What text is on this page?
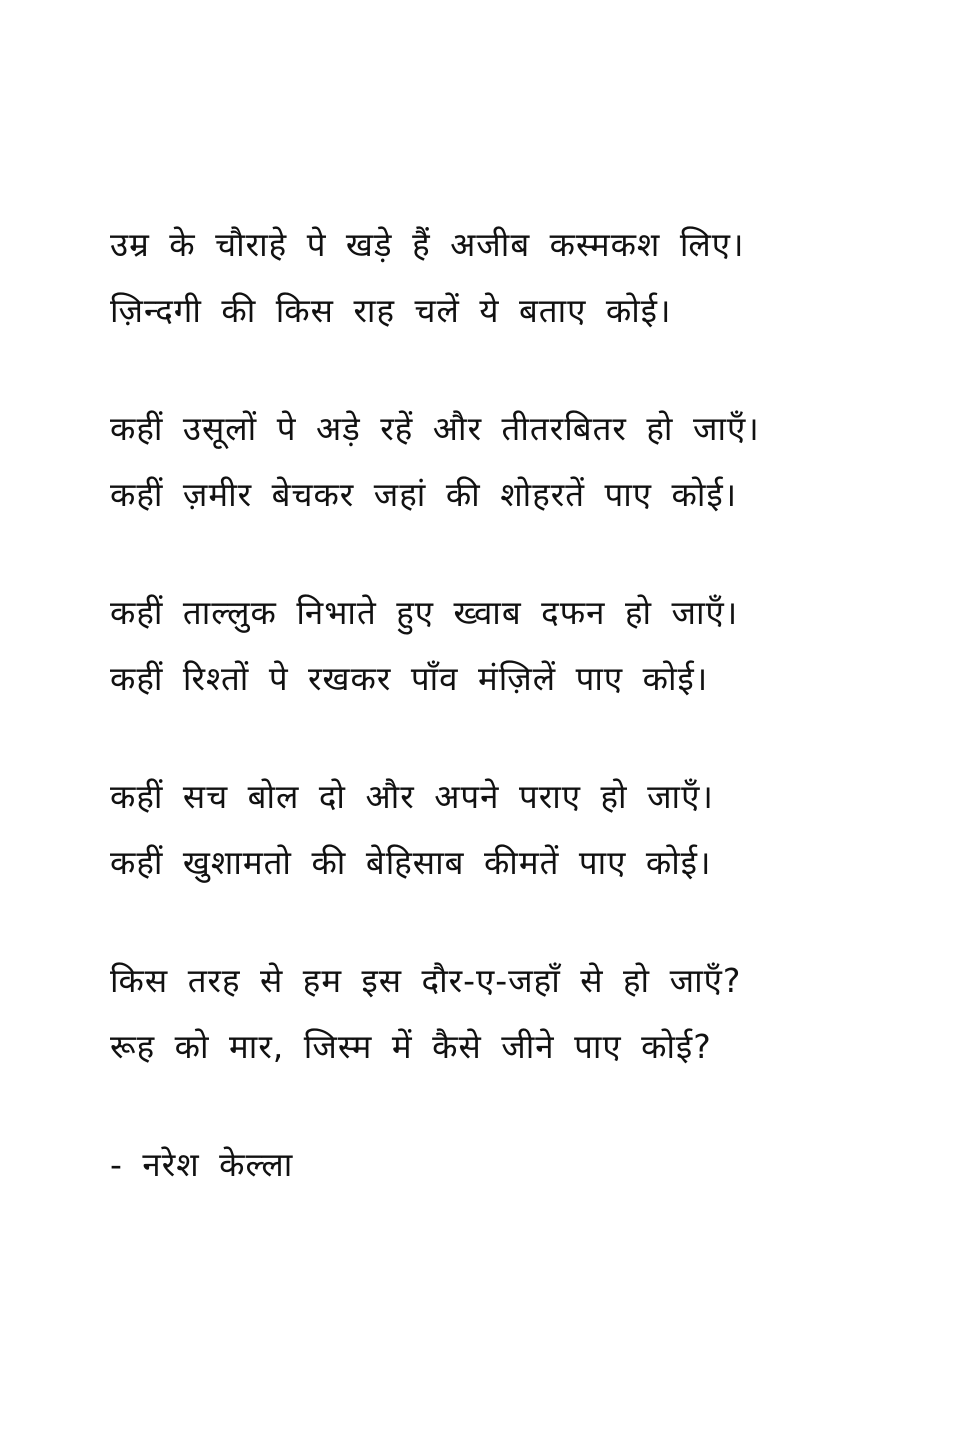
उम्र के चौराहे पे खड़े हैं अजीब कस्मकश लिए।
ज़िन्दगी की किस राह चलें ये बताए कोई।
कहीं उसूलों पे अड़े रहें और तीतरबितर हो जाएँ।
कहीं ज़मीर बेचकर जहां की शोहरतें पाए कोई।
कहीं ताल्लुक निभाते हुए ख्वाब दफन हो जाएँ।
कहीं रिश्तों पे रखकर पाँव मंज़िलें पाए कोई।
कहीं सच बोल दो और अपने पराए हो जाएँ।
कहीं खुशामतो की बेहिसाब कीमतें पाए कोई।
किस तरह से हम इस दौर-ए-जहाँ से हो जाएँ?
रूह को मार, जिस्म में कैसे जीने पाए कोई?
- नरेश केल्ला
